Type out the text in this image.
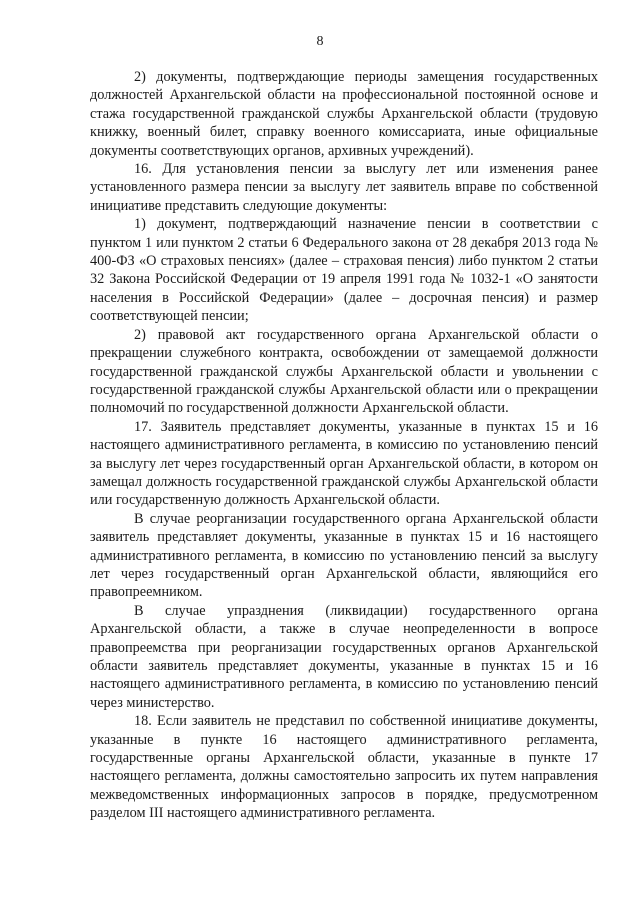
8

2) документы, подтверждающие периоды замещения государственных должностей Архангельской области на профессиональной постоянной основе и стажа государственной гражданской службы Архангельской области (трудовую книжку, военный билет, справку военного комиссариата, иные официальные документы соответствующих органов, архивных учреждений).

16. Для установления пенсии за выслугу лет или изменения ранее установленного размера пенсии за выслугу лет заявитель вправе по собственной инициативе представить следующие документы:

1) документ, подтверждающий назначение пенсии в соответствии с пунктом 1 или пунктом 2 статьи 6 Федерального закона от 28 декабря 2013 года № 400-ФЗ «О страховых пенсиях» (далее – страховая пенсия) либо пунктом 2 статьи 32 Закона Российской Федерации от 19 апреля 1991 года № 1032-1 «О занятости населения в Российской Федерации» (далее – досрочная пенсия) и размер соответствующей пенсии;

2) правовой акт государственного органа Архангельской области о прекращении служебного контракта, освобождении от замещаемой должности государственной гражданской службы Архангельской области и увольнении с государственной гражданской службы Архангельской области или о прекращении полномочий по государственной должности Архангельской области.

17. Заявитель представляет документы, указанные в пунктах 15 и 16 настоящего административного регламента, в комиссию по установлению пенсий за выслугу лет через государственный орган Архангельской области, в котором он замещал должность государственной гражданской службы Архангельской области или государственную должность Архангельской области.

В случае реорганизации государственного органа Архангельской области заявитель представляет документы, указанные в пунктах 15 и 16 настоящего административного регламента, в комиссию по установлению пенсий за выслугу лет через государственный орган Архангельской области, являющийся его правопреемником.

В случае упразднения (ликвидации) государственного органа Архангельской области, а также в случае неопределенности в вопросе правопреемства при реорганизации государственных органов Архангельской области заявитель представляет документы, указанные в пунктах 15 и 16 настоящего административного регламента, в комиссию по установлению пенсий через министерство.

18. Если заявитель не представил по собственной инициативе документы, указанные в пункте 16 настоящего административного регламента, государственные органы Архангельской области, указанные в пункте 17 настоящего регламента, должны самостоятельно запросить их путем направления межведомственных информационных запросов в порядке, предусмотренном разделом III настоящего административного регламента.
